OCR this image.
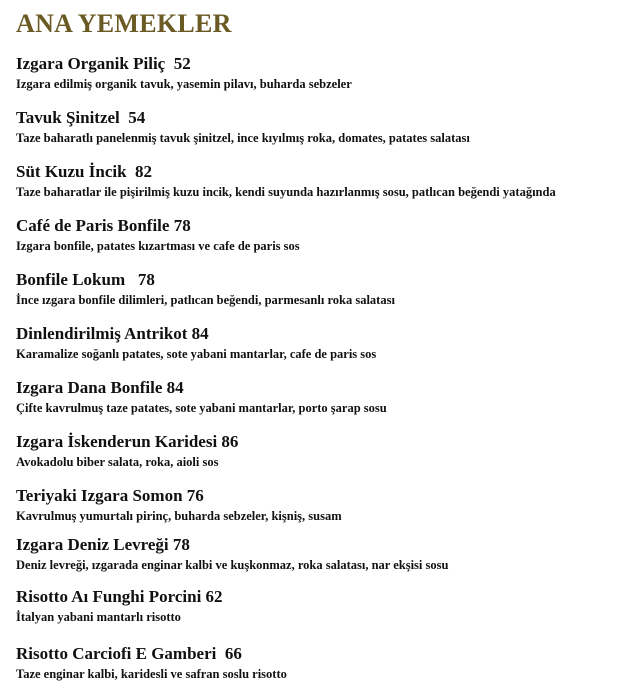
ANA YEMEKLER
Izgara Organik Piliç  52
Izgara edilmiş organik tavuk, yasemin pilavı, buharda sebzeler
Tavuk Şinitzel  54
Taze baharatlı panelenmiş tavuk şinitzel, ince kıyılmış roka, domates, patates salatası
Süt Kuzu İncik  82
Taze baharatlar ile pişirilmiş kuzu incik, kendi suyunda hazırlanmış sosu, patlıcan beğendi yatağında
Café de Paris Bonfile 78
Izgara bonfile, patates kızartması ve cafe de paris sos
Bonfile Lokum   78
İnce ızgara bonfile dilimleri, patlıcan beğendi, parmesanlı roka salatası
Dinlendirilmiş Antrikot 84
Karamalize soğanlı patates, sote yabani mantarlar, cafe de paris sos
Izgara Dana Bonfile 84
Çifte kavrulmuş taze patates, sote yabani mantarlar, porto şarap sosu
Izgara İskenderun Karidesi 86
Avokadolu biber salata, roka, aioli sos
Teriyaki Izgara Somon 76
Kavrulmuş yumurtalı pirinç, buharda sebzeler, kişniş, susam
Izgara Deniz Levreği 78
Deniz levreği, ızgarada enginar kalbi ve kuşkonmaz, roka salatası, nar ekşisi sosu
Risotto Aı Funghi Porcini 62
İtalyan yabani mantarlı risotto
Risotto Carciofi E Gamberi  66
Taze enginar kalbi, karidesli ve safran soslu risotto
